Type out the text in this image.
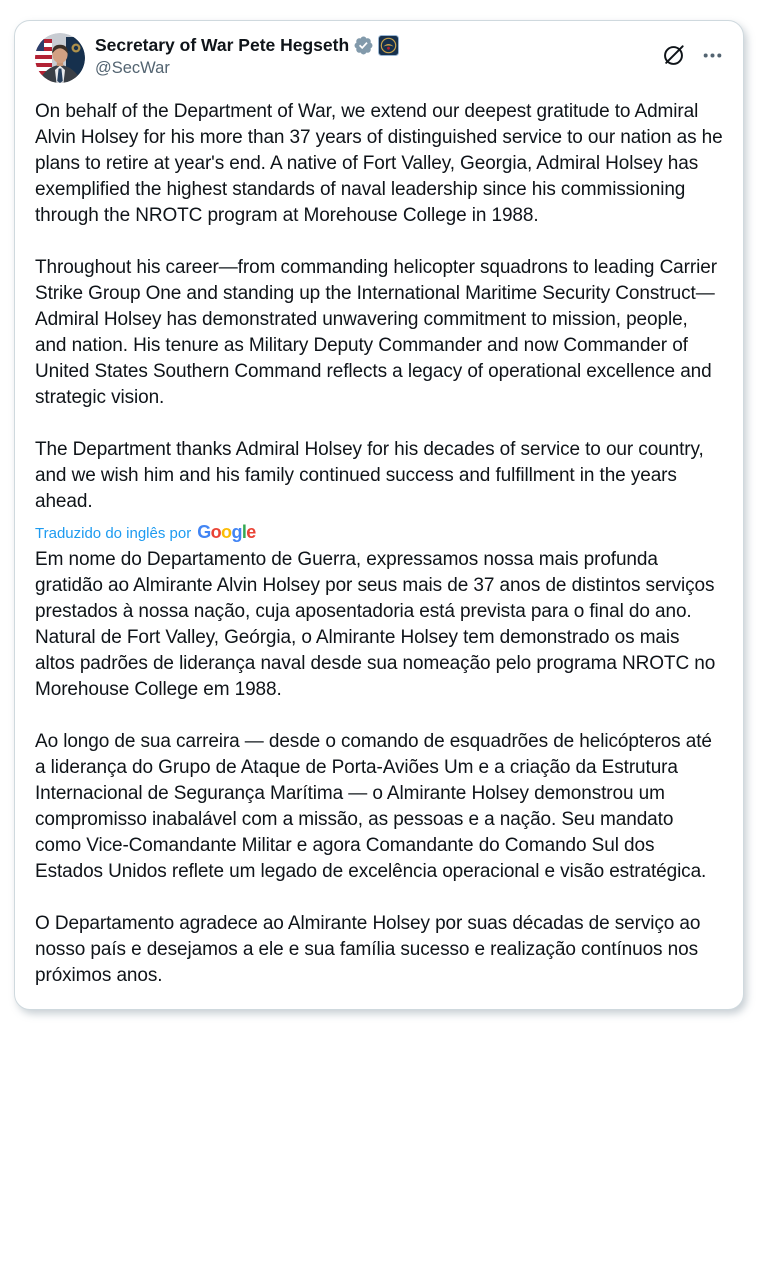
Secretary of War Pete Hegseth
@SecWar

On behalf of the Department of War, we extend our deepest gratitude to Admiral Alvin Holsey for his more than 37 years of distinguished service to our nation as he plans to retire at year's end. A native of Fort Valley, Georgia, Admiral Holsey has exemplified the highest standards of naval leadership since his commissioning through the NROTC program at Morehouse College in 1988.

Throughout his career—from commanding helicopter squadrons to leading Carrier Strike Group One and standing up the International Maritime Security Construct—Admiral Holsey has demonstrated unwavering commitment to mission, people, and nation. His tenure as Military Deputy Commander and now Commander of United States Southern Command reflects a legacy of operational excellence and strategic vision.

The Department thanks Admiral Holsey for his decades of service to our country, and we wish him and his family continued success and fulfillment in the years ahead.

Traduzido do inglês por Google

Em nome do Departamento de Guerra, expressamos nossa mais profunda gratidão ao Almirante Alvin Holsey por seus mais de 37 anos de distintos serviços prestados à nossa nação, cuja aposentadoria está prevista para o final do ano. Natural de Fort Valley, Geórgia, o Almirante Holsey tem demonstrado os mais altos padrões de liderança naval desde sua nomeação pelo programa NROTC no Morehouse College em 1988.

Ao longo de sua carreira — desde o comando de esquadrões de helicópteros até a liderança do Grupo de Ataque de Porta-Aviões Um e a criação da Estrutura Internacional de Segurança Marítima — o Almirante Holsey demonstrou um compromisso inabalável com a missão, as pessoas e a nação. Seu mandato como Vice-Comandante Militar e agora Comandante do Comando Sul dos Estados Unidos reflete um legado de excelência operacional e visão estratégica.

O Departamento agradece ao Almirante Holsey por suas décadas de serviço ao nosso país e desejamos a ele e sua família sucesso e realização contínuos nos próximos anos.
